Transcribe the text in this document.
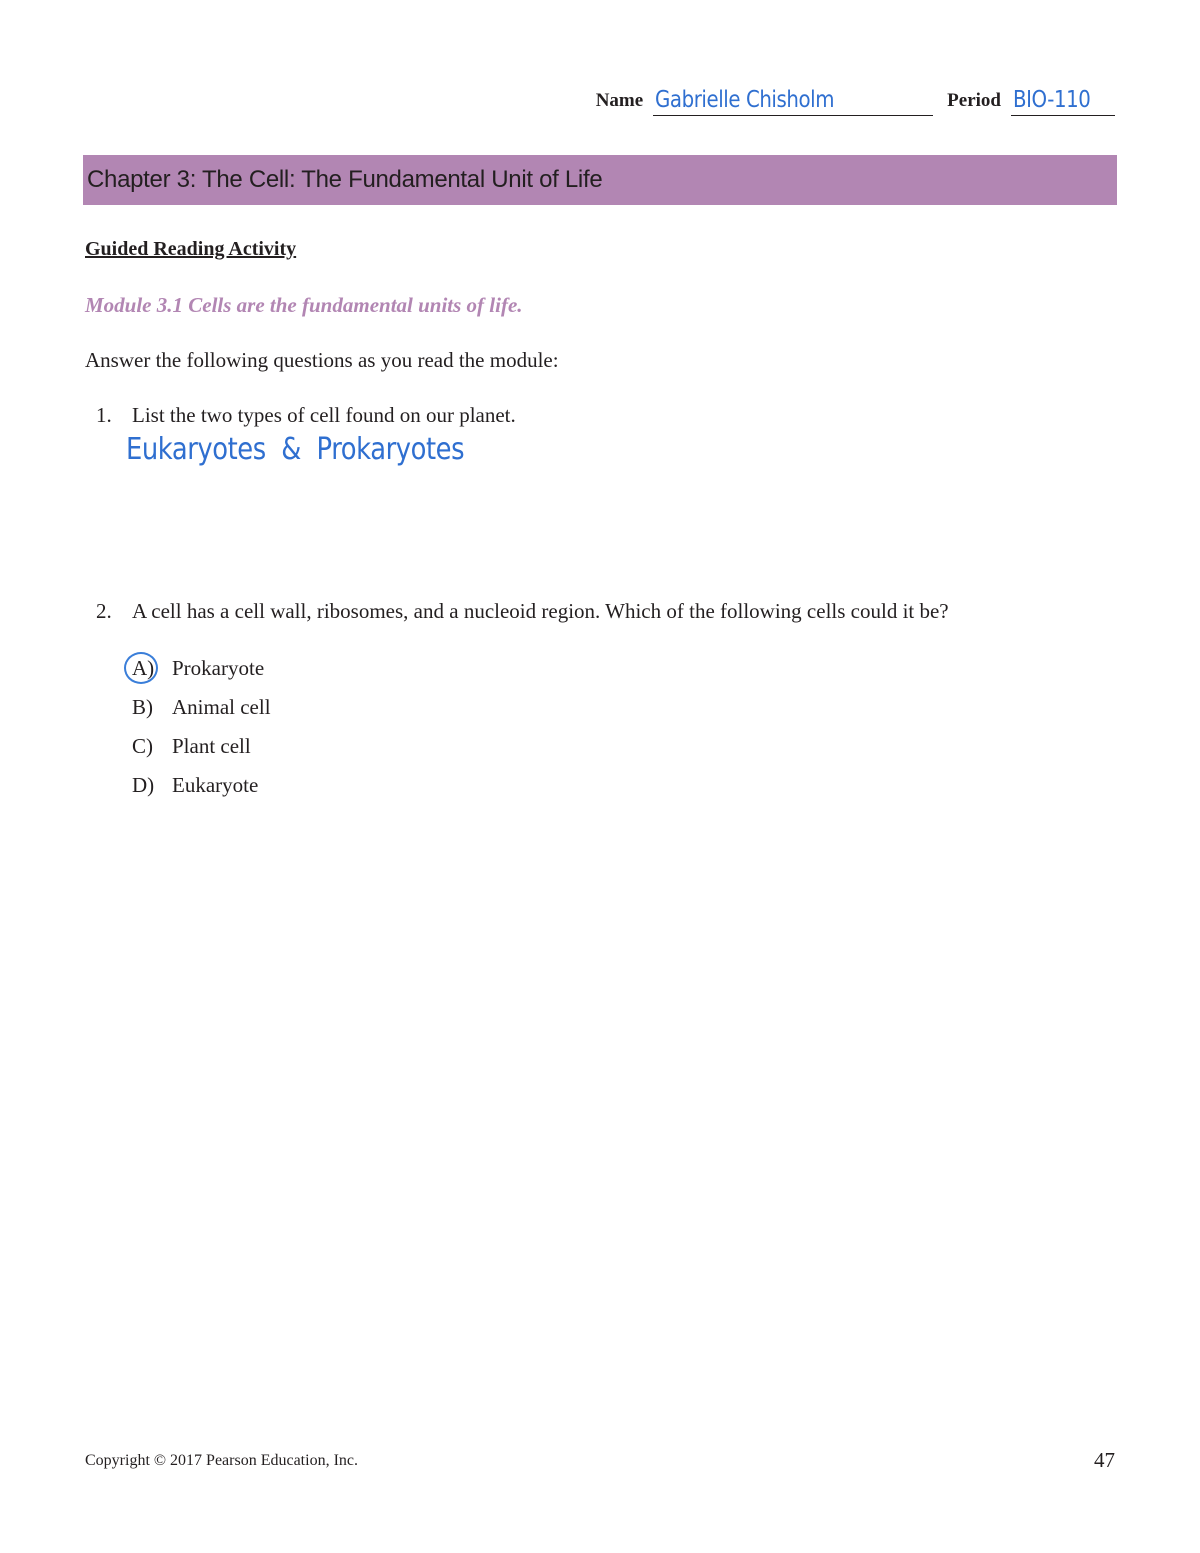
Name Gabrielle Chisholm	Period BIO-110
Chapter 3: The Cell: The Fundamental Unit of Life
Guided Reading Activity
Module 3.1 Cells are the fundamental units of life.
Answer the following questions as you read the module:
1. List the two types of cell found on our planet.
Eukaryotes  &  Prokaryotes
2. A cell has a cell wall, ribosomes, and a nucleoid region. Which of the following cells could it be?
A) Prokaryote
B) Animal cell
C) Plant cell
D) Eukaryote
Copyright © 2017 Pearson Education, Inc.	47
